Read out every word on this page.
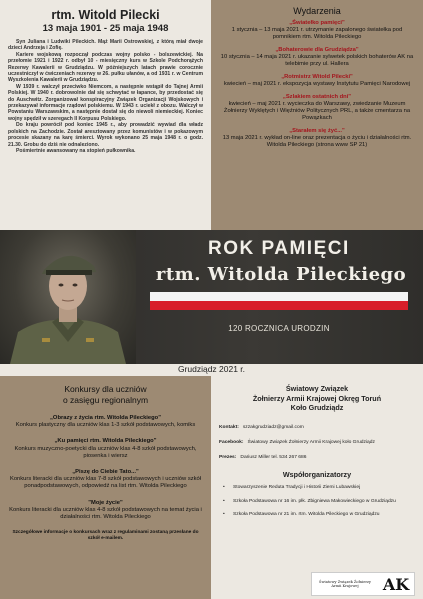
rtm. Witold Pilecki
13 maja 1901 - 25 maja 1948

Syn Juliana i Ludwiki Pileckich. Mąż Marii Ostrowskiej, z którą miał dwoje dzieci Andrzeja i Zofię.

Kariere wojskową rozpoczął podczas wojny polsko - bolszewickiej. Na przełomie 1921 i 1922 r. odbył 10 - miesięczny kurs w Szkole Podchorążych Rezerwy Kawalerii w Grudziądzu. W późniejszych latach prawie corocznie uczestniczył w ćwiczeniach rezerwy w 26. pułku ułanów, a od 1931 r. w Centrum Wyszkolenia Kawalerii w Grudziądzu.

W 1939 r. walczył przeciwko Niemcom, a następnie wstąpił do Tajnej Armii Polskiej. W 1940 r. dobrowolnie dał się schwytać w łapance, by przedostać się do Auschwitz. Zorganizował konspiracyjny Związek Organizacji Wojskowych i przekazywał informacje rządowi polskiemu. W 1943 r. uciekł z obozu. Walczył w Powstaniu Warszawskim, a następnie dostał się do niewoli niemieckiej. Koniec wojny spędził w szeregach II Korpusu Polskiego.

Do kraju powrócił pod koniec 1945 r., aby prowadzić wywiad dla władz polskich na Zachodzie. Został aresztowany przez komunistów i w pokazowym procesie skazany na karę śmierci. Wyrok wykonano 25 maja 1948 r. o godz. 21.30. Grobu do dziś nie odnaleziono.

Pośmiertnie awansowany na stopień pułkownika.

Wydarzenia
„Światełko pamięci"
1 stycznia – 13 maja 2021 r. utrzymanie zapalonego światełka pod pomnikiem rtm. Witolda Pileckiego
„Bohaterowie dla Grudziądza"
10 stycznia – 14 maja 2021 r. ukazanie sylwetek polskich bohaterów AK na telebimie przy ul. Hallera
„Rotmistrz Witold Pilecki"
kwiecień – maj 2021 r. ekspozycja wystawy Instytutu Pamięci Narodowej
„Szlakiem ostatnich dni"
kwiecień – maj 2021 r. wycieczka do Warszawy, zwiedzanie Muzeum Żołnierzy Wyklętych i Więźniów Politycznych PRL, a także cmentarza na Powązkach
„Starałem się żyć..."
13 maja 2021 r. wykład on-line oraz prezentacja o życiu i działalności rtm. Witolda Pileckiego (strona www SP 21)
ROK PAMIĘCI
rtm. Witolda Pileckiego
120 ROCZNICA URODZIN
Grudziądz 2021 r.
Konkursy dla uczniów
o zasięgu regionalnym
„Obrazy z życia rtm. Witolda Pileckiego"
Konkurs plastyczny dla uczniów klas 1-3 szkół podstawowych, komiks
„Ku pamięci rtm. Witolda Pileckiego"
Konkurs muzyczno-poetycki dla uczniów klas 4-8 szkół podstawowych, piosenka i wiersz
„Piszę do Ciebie Tato..."
Konkurs literacki dla uczniów klas 7-8 szkół podstawowych i uczniów szkół ponadpodstawowych, odpowiedź na list rtm. Witolda Pileckiego
"Moje życie"
Konkurs literacki dla uczniów klas 4-8 szkół podstawowych na temat życia i działalności rtm. Witolda Pileckiego
Szczegółowe informacje o konkursach wraz z regulaminami zostaną przesłane do szkół e-mailem.
Światowy Związek
Żołnierzy Armii Krajowej Okręg Toruń
Koło Grudziądz
Kontakt: szzakgrudziadz@gmail.com
Facebook: Światowy Związek Żołnierzy Armii Krajowej koło Grudziądz
Prezes: Dariusz Miller tel. 534 267 686
Współorganizatorzy
•	Stowarzyszenie Reduta Tradycji i Historii Ziemi Lubawskiej
•	Szkoła Podstawowa nr 16 im. płk. Zbigniewa Makowieckiego w Grudziądzu
•	Szkoła Podstawowa nr 21 im. rtm. Witolda Pileckiego w Grudziądzu
Światowy Związek Żołnierzy
Armii Krajowej	AK
